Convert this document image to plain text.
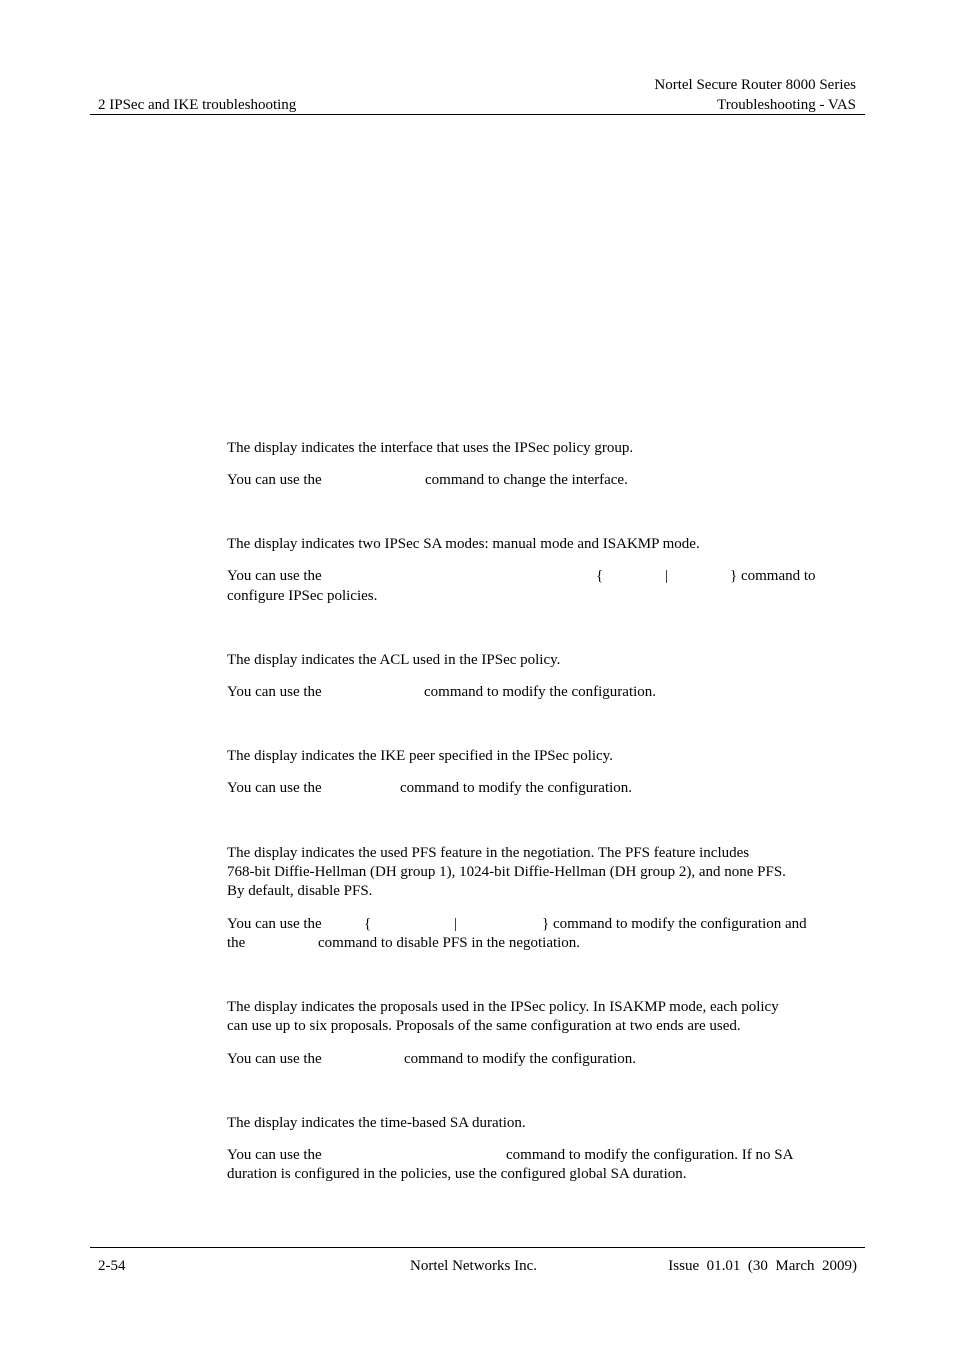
Nortel Secure Router 8000 Series
2 IPSec and IKE troubleshooting	Troubleshooting - VAS
The display indicates the interface that uses the IPSec policy group.
You can use the	command to change the interface.
The display indicates two IPSec SA modes: manual mode and ISAKMP mode.
You can use the	{	|	} command to
configure IPSec policies.
The display indicates the ACL used in the IPSec policy.
You can use the	command to modify the configuration.
The display indicates the IKE peer specified in the IPSec policy.
You can use the	command to modify the configuration.
The display indicates the used PFS feature in the negotiation. The PFS feature includes
768-bit Diffie-Hellman (DH group 1), 1024-bit Diffie-Hellman (DH group 2), and none PFS.
By default, disable PFS.
You can use the	{	|	} command to modify the configuration and
the	command to disable PFS in the negotiation.
The display indicates the proposals used in the IPSec policy. In ISAKMP mode, each policy
can use up to six proposals. Proposals of the same configuration at two ends are used.
You can use the	command to modify the configuration.
The display indicates the time-based SA duration.
You can use the	command to modify the configuration. If no SA
duration is configured in the policies, use the configured global SA duration.
2-54	Nortel Networks Inc.	Issue  01.01  (30  March  2009)
